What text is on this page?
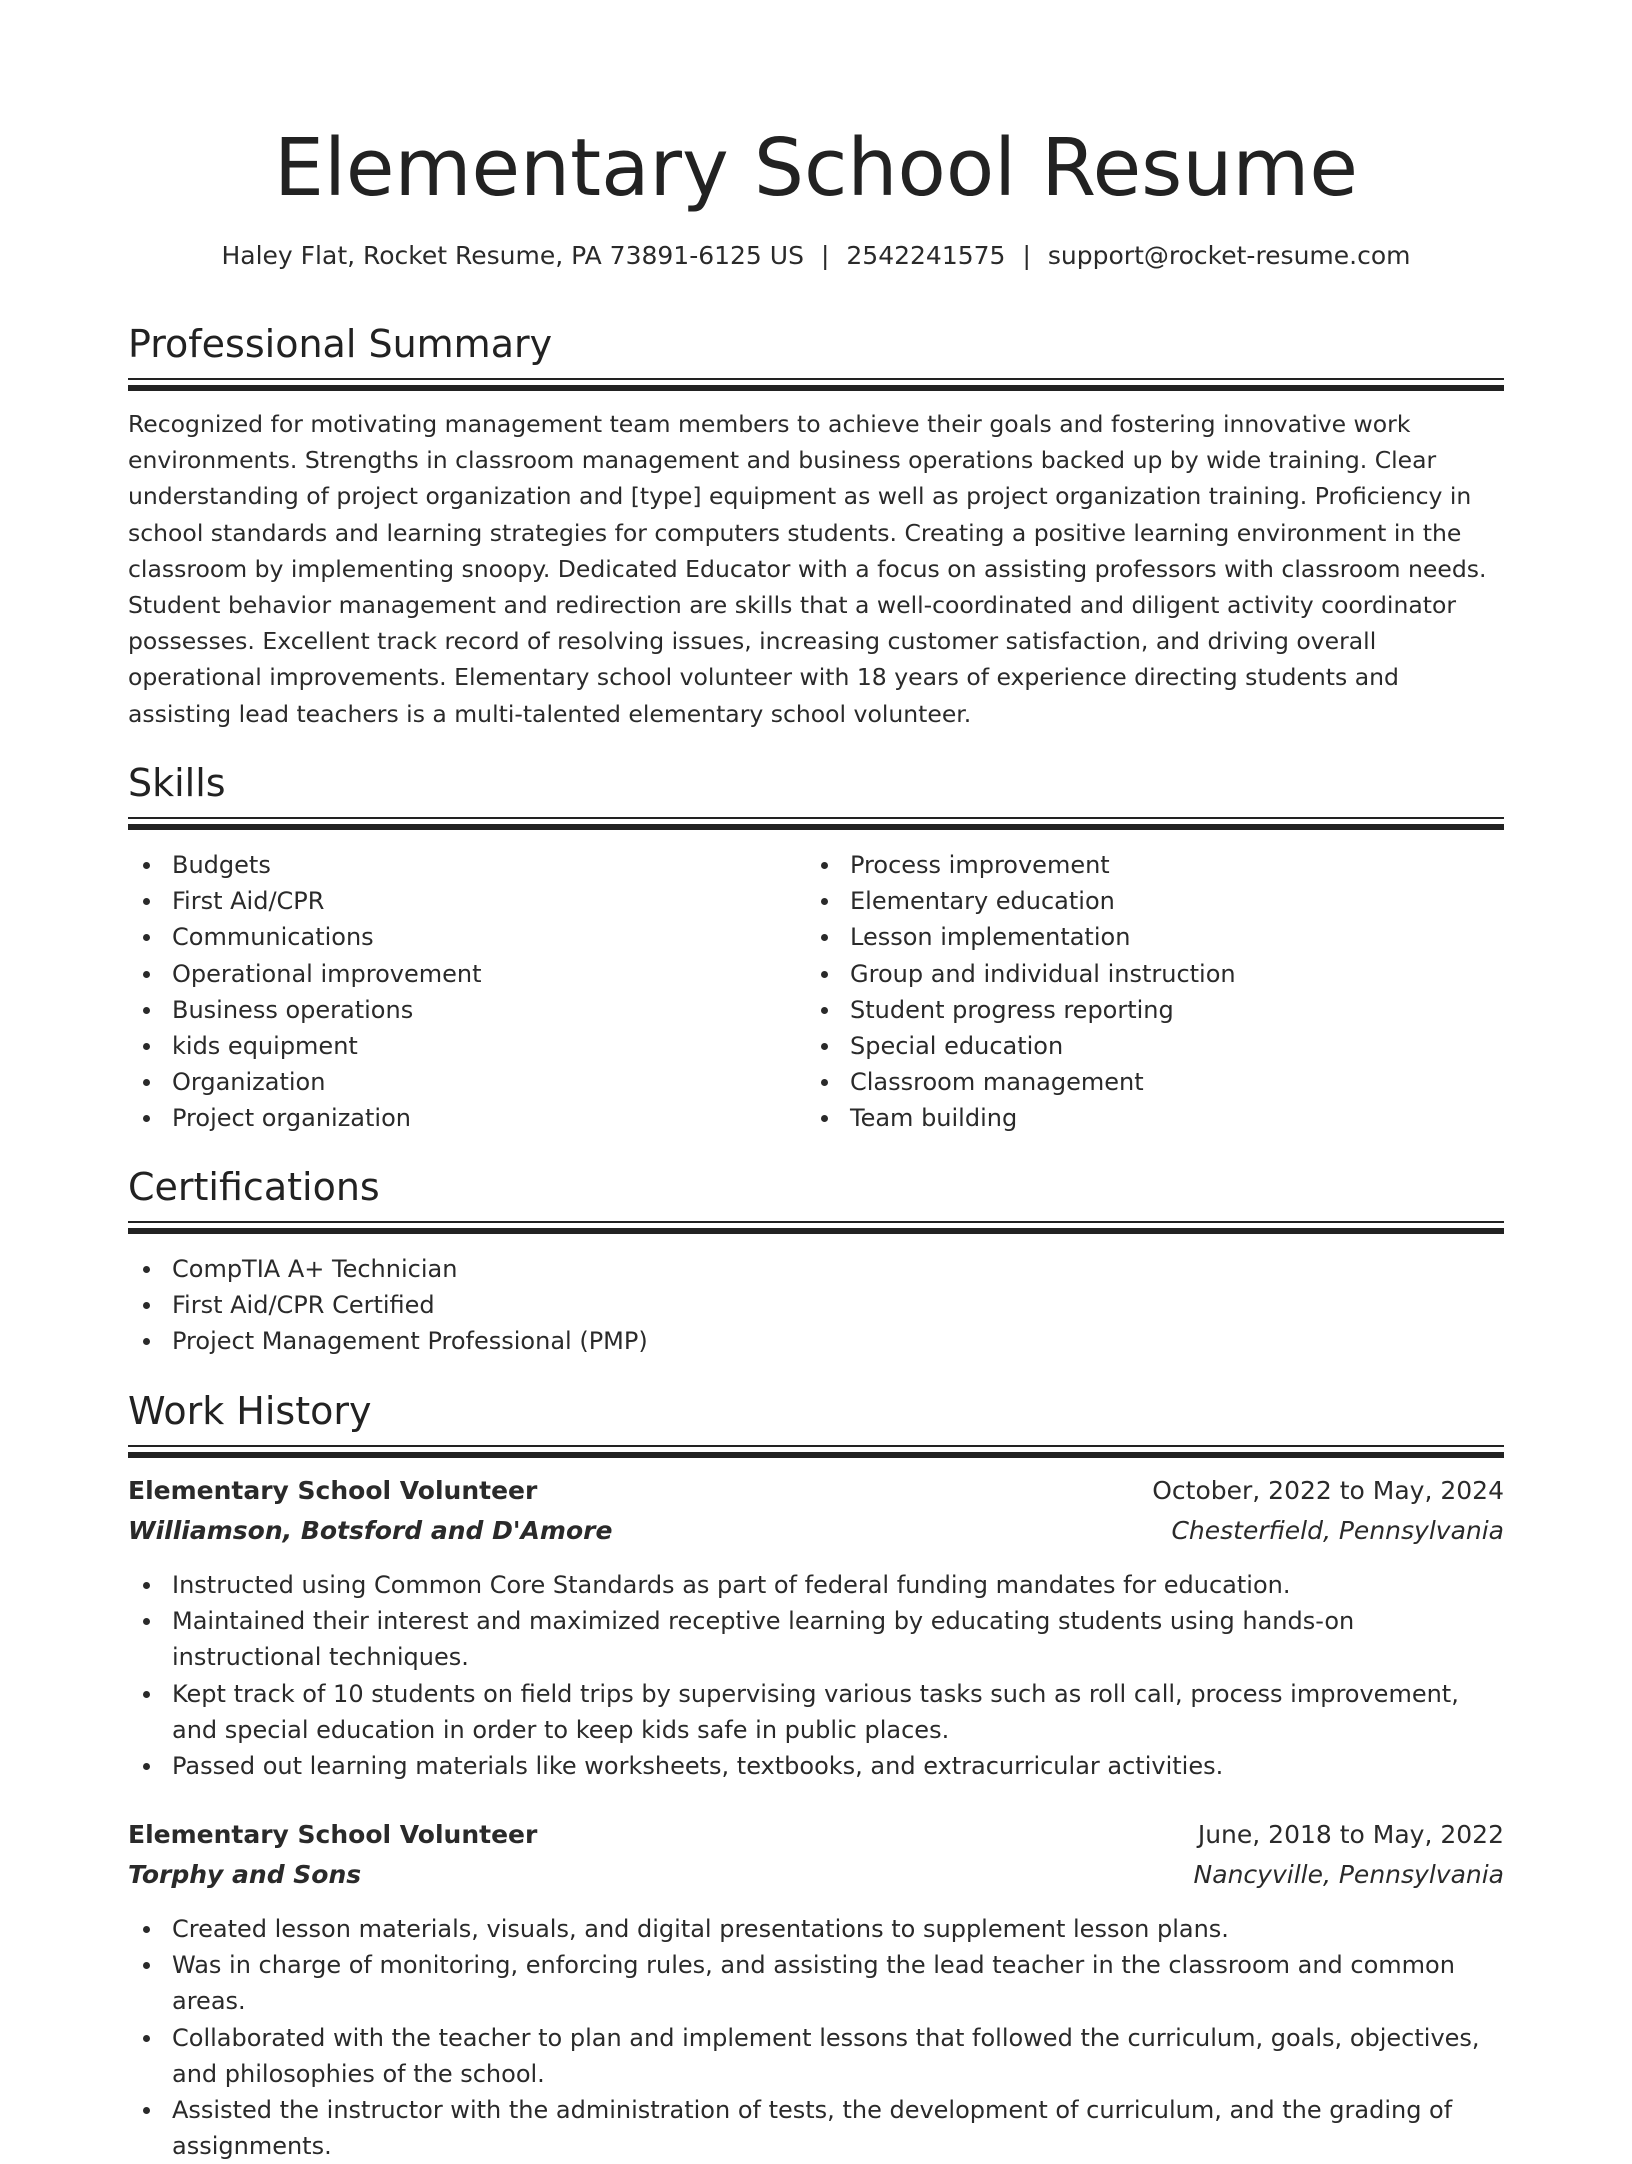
Elementary School Resume
Haley Flat, Rocket Resume, PA 73891-6125 US | 2542241575 | support@rocket-resume.com
Professional Summary

Recognized for motivating management team members to achieve their goals and fostering innovative work environments. Strengths in classroom management and business operations backed up by wide training. Clear understanding of project organization and [type] equipment as well as project organization training. Proficiency in school standards and learning strategies for computers students. Creating a positive learning environment in the classroom by implementing snoopy. Dedicated Educator with a focus on assisting professors with classroom needs. Student behavior management and redirection are skills that a well-coordinated and diligent activity coordinator possesses. Excellent track record of resolving issues, increasing customer satisfaction, and driving overall operational improvements. Elementary school volunteer with 18 years of experience directing students and assisting lead teachers is a multi-talented elementary school volunteer.

Skills
Budgets
First Aid/CPR
Communications
Operational improvement
Business operations
kids equipment
Organization
Project organization
Process improvement
Elementary education
Lesson implementation
Group and individual instruction
Student progress reporting
Special education
Classroom management
Team building
Certifications
CompTIA A+ Technician
First Aid/CPR Certified
Project Management Professional (PMP)
Work History
Elementary School Volunteer	October, 2022 to May, 2024
Williamson, Botsford and D'Amore	Chesterfield, Pennsylvania
Instructed using Common Core Standards as part of federal funding mandates for education.
Maintained their interest and maximized receptive learning by educating students using hands-on instructional techniques.
Kept track of 10 students on field trips by supervising various tasks such as roll call, process improvement, and special education in order to keep kids safe in public places.
Passed out learning materials like worksheets, textbooks, and extracurricular activities.
Elementary School Volunteer	June, 2018 to May, 2022
Torphy and Sons	Nancyville, Pennsylvania
Created lesson materials, visuals, and digital presentations to supplement lesson plans.
Was in charge of monitoring, enforcing rules, and assisting the lead teacher in the classroom and common areas.
Collaborated with the teacher to plan and implement lessons that followed the curriculum, goals, objectives, and philosophies of the school.
Assisted the instructor with the administration of tests, the development of curriculum, and the grading of assignments.
